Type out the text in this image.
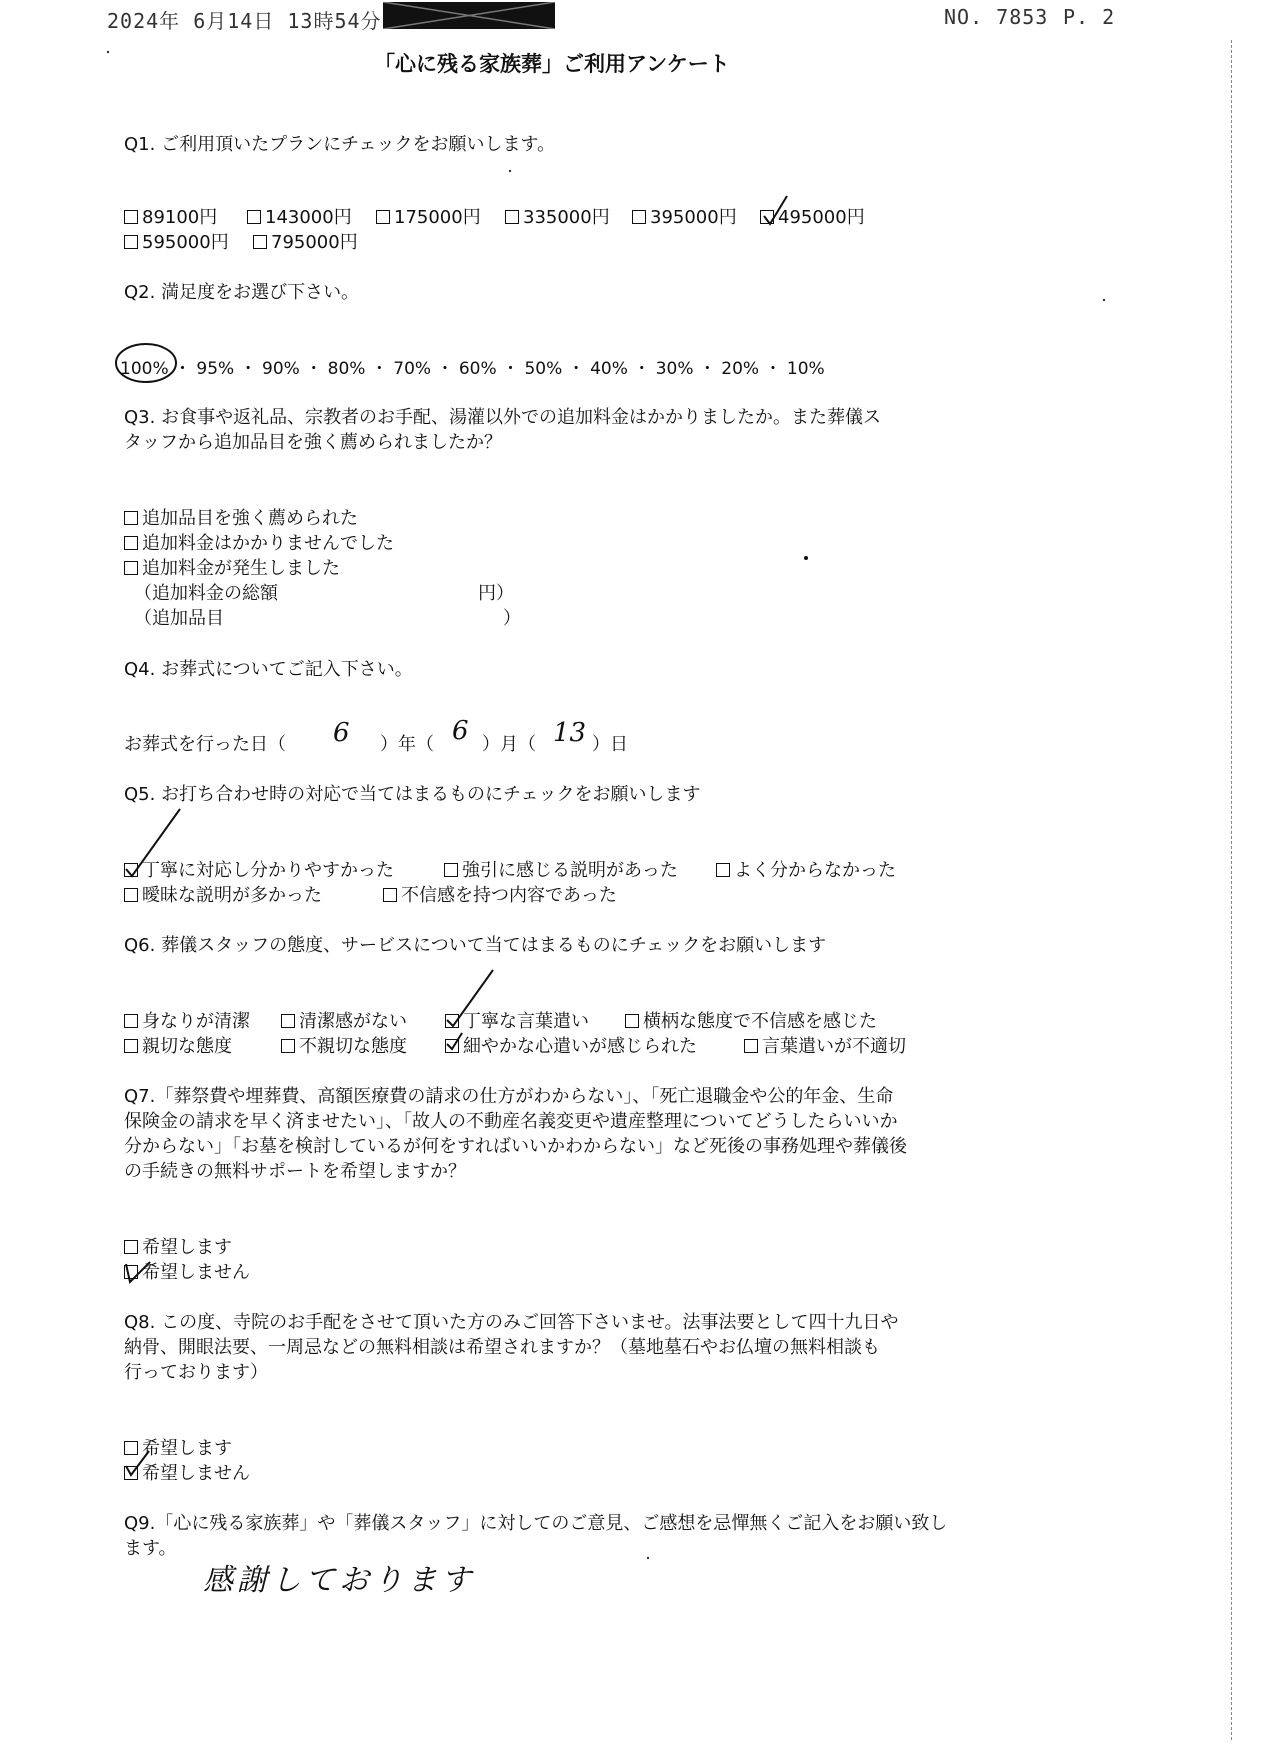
2024年 6月14日 13時54分	NO. 7853 P. 2
「心に残る家族葬」ご利用アンケート
Q1. ご利用頂いたプランにチェックをお願いします。
89100円	143000円	175000円	335000円	395000円	495000円
595000円	795000円
Q2. 満足度をお選び下さい。
100% ・ 95% ・ 90% ・ 80% ・ 70% ・ 60% ・ 50% ・ 40% ・ 30% ・ 20% ・ 10%
Q3. お食事や返礼品、宗教者のお手配、湯灌以外での追加料金はかかりましたか。また葬儀ス
タッフから追加品目を強く薦められましたか？
追加品目を強く薦められた
追加料金はかかりませんでした
追加料金が発生しました
（追加料金の総額	円）
（追加品目	）
Q4. お葬式についてご記入下さい。
お葬式を行った日（ 6 ）年（ 6 ）月（ 13 ）日
Q5. お打ち合わせ時の対応で当てはまるものにチェックをお願いします
丁寧に対応し分かりやすかった	強引に感じる説明があった	よく分からなかった
曖昧な説明が多かった	不信感を持つ内容であった
Q6. 葬儀スタッフの態度、サービスについて当てはまるものにチェックをお願いします
身なりが清潔	清潔感がない	丁寧な言葉遣い	横柄な態度で不信感を感じた
親切な態度	不親切な態度	細やかな心遣いが感じられた	言葉遣いが不適切
Q7.「葬祭費や埋葬費、高額医療費の請求の仕方がわからない」、「死亡退職金や公的年金、生命
保険金の請求を早く済ませたい」、「故人の不動産名義変更や遺産整理についてどうしたらいいか
分からない」「お墓を検討しているが何をすればいいかわからない」など死後の事務処理や葬儀後
の手続きの無料サポートを希望しますか？
希望します
希望しません
Q8. この度、寺院のお手配をさせて頂いた方のみご回答下さいませ。法事法要として四十九日や
納骨、開眼法要、一周忌などの無料相談は希望されますか？（墓地墓石やお仏壇の無料相談も
行っております）
希望します
希望しません
Q9.「心に残る家族葬」や「葬儀スタッフ」に対してのご意見、ご感想を忌憚無くご記入をお願い致し
ます。
感謝しております
